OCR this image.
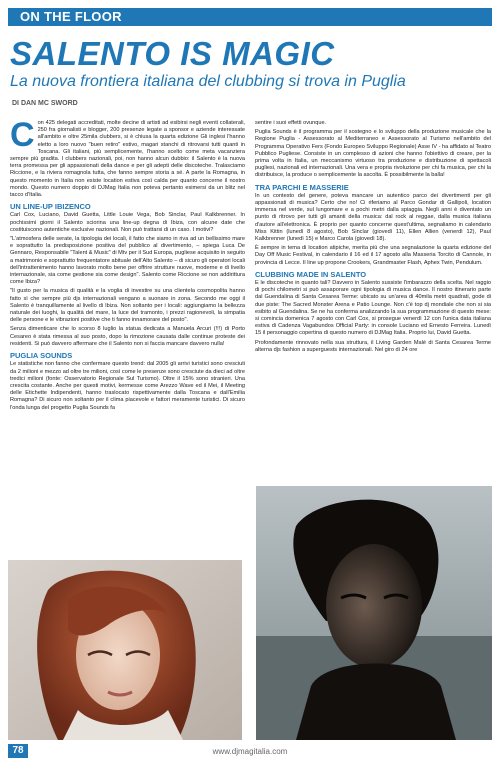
ON THE FLOOR
SALENTO IS MAGIC
La nuova frontiera italiana del clubbing si trova in Puglia
DI DAN MC SWORD

Con 425 delegati accreditati, molte decine di artisti ad esibirsi negli eventi collaterali, 250 fra giornalisti e blogger, 200 presenze legate a sponsor e aziende interessate all'ambito e oltre 25mila clubbers, si è chiusa la quarta edizione Gli inglesi l'hanno eletto a loro nuovo "buen retiro" estivo, magari stanchi di ritrovarsi tutti quanti in Toscana. Gli italiani, più semplicemente, l'hanno scelto come meta vacanziera sempre più gradita. I clubbers nazionali, poi, non hanno alcun dubbio: il Salento è la nuova terra promessa per gli appassionati della dance e per gli adepti delle discoteche. Tralasciamo Riccione, e la riviera romagnola tutta, che fanno sempre storia a sé. A parte la Romagna, in questo momento in Italia non esiste location estiva così calda per quanto concerne il nostro mondo. Questo numero doppio di DJMag Italia non poteva pertanto esimersi da un blitz nel tacco d'Italia.

UN LINE-UP IBIZENCO

Carl Cox, Luciano, David Guetta, Little Louie Vega, Bob Sinclar, Paul Kalkbrenner. In pochissimi giorni il Salento sciorina una line-up degna di Ibiza, con alcune date che costituiscono autentiche esclusive nazionali. Non può trattarsi di un caso. I motivi?

"L'atmosfera delle serate, la tipologia dei locali, il fatto che siamo in riva ad un bellissimo mare e soprattutto la predisposizione positiva del pubblico al divertimento, – spiega Luca De Gennaro, Responsabile "Talent & Music" di Mtv per il Sud Europa, pugliese acquisito in seguito a matrimonio e soprattutto frequentatore abituale dell'Alto Salento – di sicuro gli operatori locali dell'intrattenimento hanno lavorato molto bene per offrire strutture nuove, moderne e di livello internazionale, sia come gestione sia come design". Salento come Riccione se non addirittura come Ibiza?

"Il gusto per la musica di qualità e la voglia di investire su una clientela cosmopolita hanno fatto sì che sempre più djs internazionali vengano a suonare in zona. Secondo me oggi il Salento è tranquillamente al livello di Ibiza. Non soltanto per i locali: aggiungiamo la bellezza naturale dei luoghi, la qualità del mare, la luce del tramonto, i prezzi ragionevoli, la simpatia delle persone e le vibrazioni positive che ti fanno innamorare del posto".

Senza dimenticare che lo scorso 8 luglio la statua dedicata a Manuela Arcuri (!!!) di Porto Cesareo è stata rimessa al suo posto, dopo la rimozione causata dalle continue proteste dei residenti. Si può davvero affermare che il Salento non si faccia mancare davvero nulla!

PUGLIA SOUNDS

Le statistiche non fanno che confermare questo trend: dal 2005 gli arrivi turistici sono cresciuti da 2 milioni e mezzo ad oltre tre milioni, così come le presenze sono cresciute da dieci ad oltre tredici milioni (fonte: Osservatorio Regionale Sul Turismo). Oltre il 15% sono stranieri. Una crescita costante. Anche per questi motivi, kermesse come Arezzo Wave ed il Mei, il Meeting delle Etichette Indipendenti, hanno traslocato rispettivamente dalla Toscana e dall'Emilia Romagna? Di sicuro non soltanto per il clima piacevole e fattori meramente turistici. Di sicuro l'onda lunga del progetto Puglia Sounds fa

sentire i suoi effetti ovunque.

Puglia Sounds è il programma per il sostegno e lo sviluppo della produzione musicale che la Regione Puglia - Assessorato al Mediterraneo e Assessorato al Turismo nell'ambito del Programma Operativo Fers (Fondo Europeo Sviluppo Regionale) Asse IV - ha affidato al Teatro Pubblico Pugliese. Consiste in un complesso di azioni che hanno l'obiettivo di creare, per la prima volta in Italia, un meccanismo virtuoso tra produzione e distribuzione di spettacoli pugliesi, nazionali ed internazionali. Una vera e propria rivoluzione per chi fa musica, per chi la distribuisce, la produce o semplicemente la ascolta. È possibilmente la balla!

TRA PARCHI E MASSERIE

In un contesto del genere, poteva mancare un autentico parco dei divertimenti per gli appassionati di musica? Certo che no! Ci riferiamo al Parco Gondar di Gallipoli, location immersa nel verde, sul lungomare e a pochi metri dalla spiaggia. Negli anni è diventato un punto di ritrovo per tutti gli amanti della musica: dal rock al reggae, dalla musica italiana d'autore all'elettronica. È proprio per quanto concerne quest'ultima, segnaliamo in calendario Miss Kittin (lunedì 8 agosto), Bob Sinclar (giovedì 11), Ellen Allien (venerdì 12), Paul Kalkbrenner (lunedì 15) e Marco Carola (giovedì 18).

È sempre in tema di location atipiche, merita più che una segnalazione la quarta edizione del Day Off Music Festival, in calendario il 16 ed il 17 agosto alla Masseria Torcito di Cannole, in provincia di Lecce. Il line up propone Crookers, Grandmaster Flash, Aphex Twin, Pendulum.

CLUBBING MADE IN SALENTO

E le discoteche in quanto tali? Davvero in Salento sussiste l'imbarazzo della scelta. Nel raggio di pochi chilometri si può assaporare ogni tipologia di musica dance. Il nostro itinerario parte dal Guendalina di Santa Cesarea Terme: ubicato su un'area di 40mila metri quadrati, gode di due piste: The Sacred Monster Arena e Patio Lounge. Non c'è top dj mondiale che non si sia esibito al Guendalina. Se ne ha conferma analizzando la sua programmazione di questo mese: si comincia domenica 7 agosto con Carl Cox, si prosegue venerdì 12 con l'unica data italiana estiva di Cadenza Vagabundos Official Party: in console Luciano ed Ernesto Ferreira. Lunedì 15 il personaggio copertina di questo numero di DJMag Italia. Proprio lui, David Guetta.

Profondamente rinnovato nella sua struttura, il Living Garden Malé di Santa Cesarea Terme alterna djs fashion a superguests internazionali. Nel giro di 24 ore

78	www.djmagitalia.com
